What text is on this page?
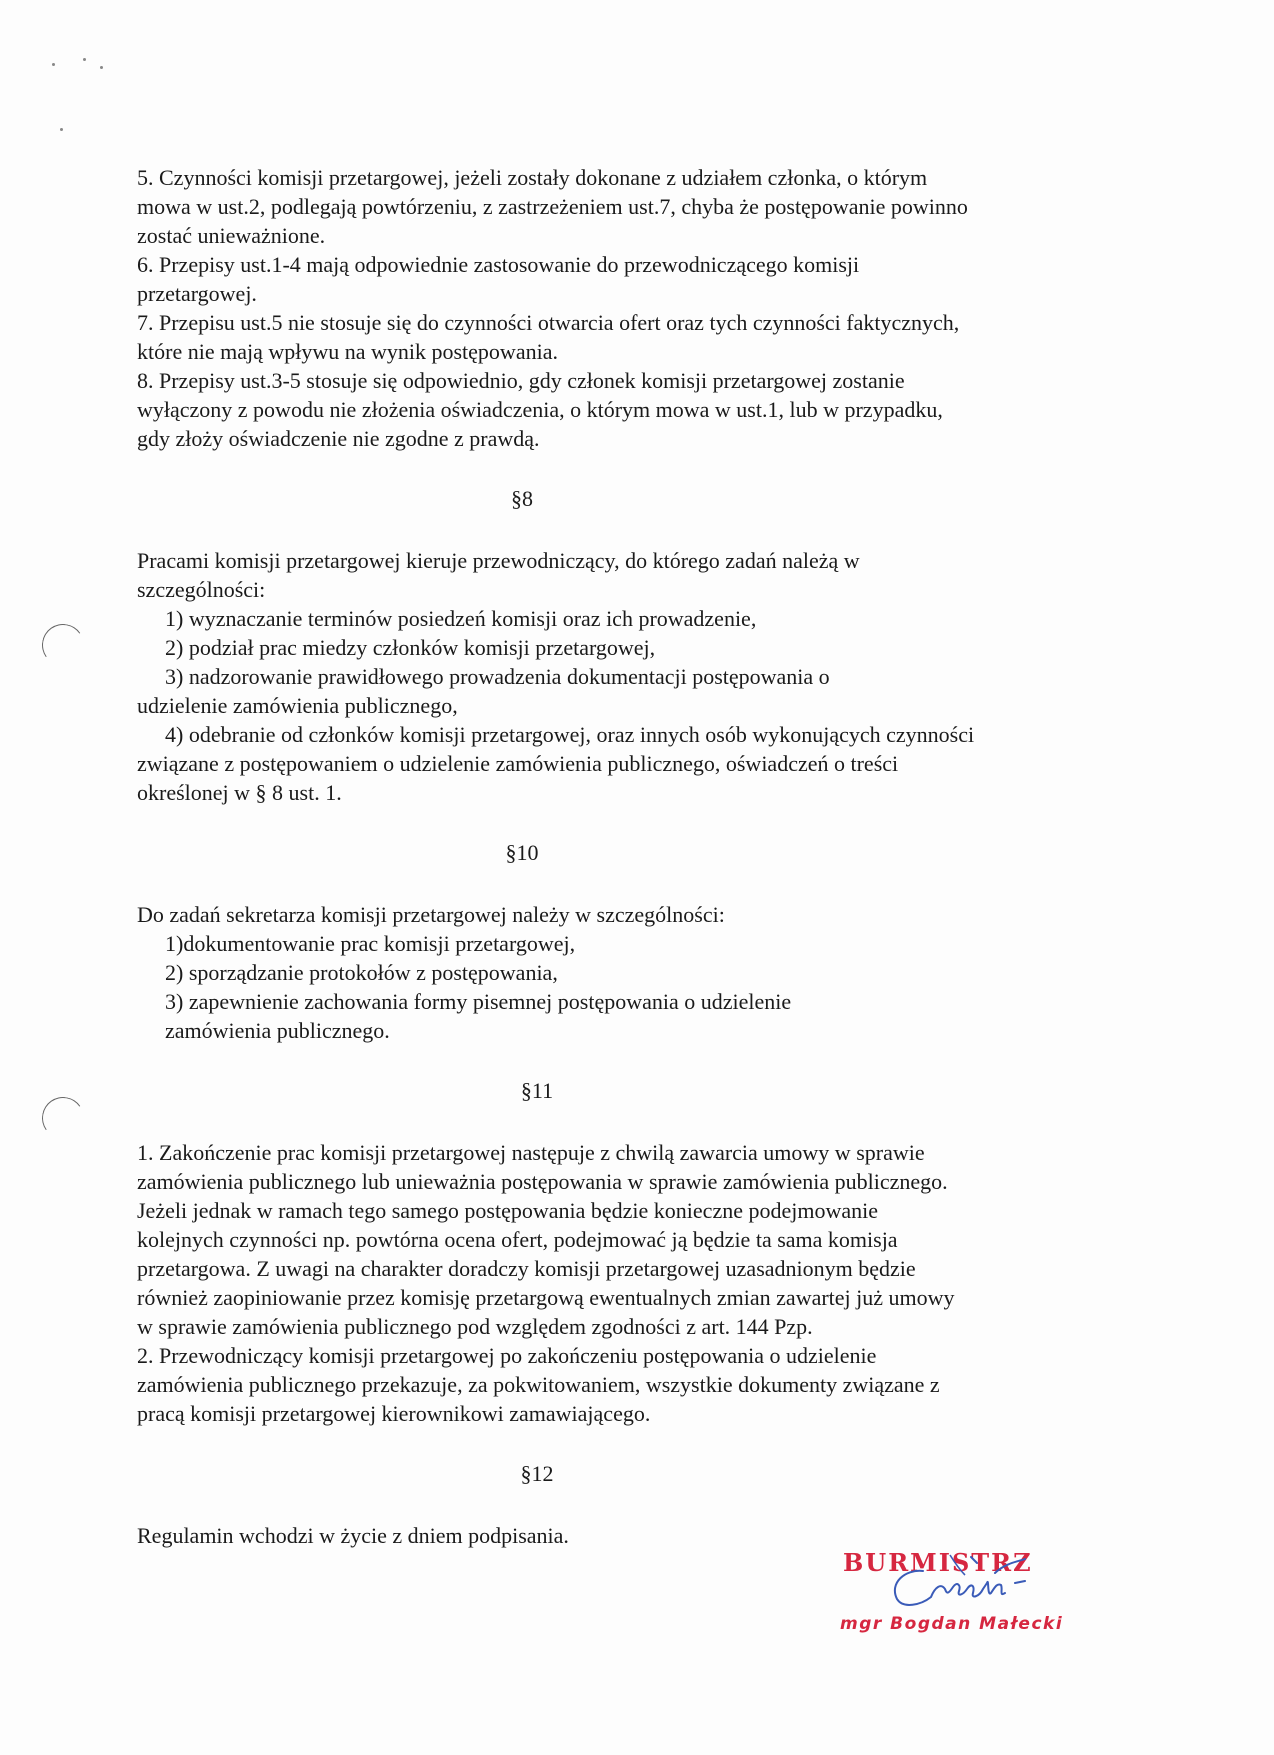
5. Czynności komisji przetargowej, jeżeli zostały dokonane z udziałem członka, o którym

mowa w ust.2, podlegają powtórzeniu, z zastrzeżeniem ust.7, chyba że postępowanie powinno

zostać unieważnione.

6. Przepisy ust.1-4 mają odpowiednie zastosowanie do przewodniczącego komisji

przetargowej.

7. Przepisu ust.5 nie stosuje się do czynności otwarcia ofert oraz tych czynności faktycznych,

które nie mają wpływu na wynik postępowania.

8. Przepisy ust.3-5 stosuje się odpowiednio, gdy członek komisji przetargowej zostanie

wyłączony z powodu nie złożenia oświadczenia, o którym mowa w ust.1, lub w przypadku,

gdy złoży oświadczenie nie zgodne z prawdą.

§8

Pracami komisji przetargowej kieruje przewodniczący, do którego zadań należą w

szczególności:

1) wyznaczanie terminów posiedzeń komisji oraz ich prowadzenie,

2) podział prac miedzy członków komisji przetargowej,

3) nadzorowanie prawidłowego prowadzenia dokumentacji postępowania o

udzielenie zamówienia publicznego,

4) odebranie od członków komisji przetargowej, oraz innych osób wykonujących czynności

związane z postępowaniem o udzielenie zamówienia publicznego, oświadczeń o treści

określonej w § 8 ust. 1.

§10

Do zadań sekretarza komisji przetargowej należy w szczególności:

1)dokumentowanie prac komisji przetargowej,

2) sporządzanie protokołów z postępowania,

3) zapewnienie zachowania formy pisemnej postępowania o udzielenie

zamówienia publicznego.

§11

1. Zakończenie prac komisji przetargowej następuje z chwilą zawarcia umowy w sprawie

zamówienia publicznego lub unieważnia postępowania w sprawie zamówienia publicznego.

Jeżeli jednak w ramach tego samego postępowania będzie konieczne podejmowanie

kolejnych czynności np. powtórna ocena ofert, podejmować ją będzie ta sama komisja

przetargowa. Z uwagi na charakter doradczy komisji przetargowej uzasadnionym będzie

również zaopiniowanie przez komisję przetargową ewentualnych zmian zawartej już umowy

w sprawie zamówienia publicznego pod względem zgodności z art. 144 Pzp.

2. Przewodniczący komisji przetargowej po zakończeniu postępowania o udzielenie

zamówienia publicznego przekazuje, za pokwitowaniem, wszystkie dokumenty związane z

pracą komisji przetargowej kierownikowi zamawiającego.

§12

Regulamin wchodzi w życie z dniem podpisania.

BURMISTRZ
mgr Bogdan Małecki
